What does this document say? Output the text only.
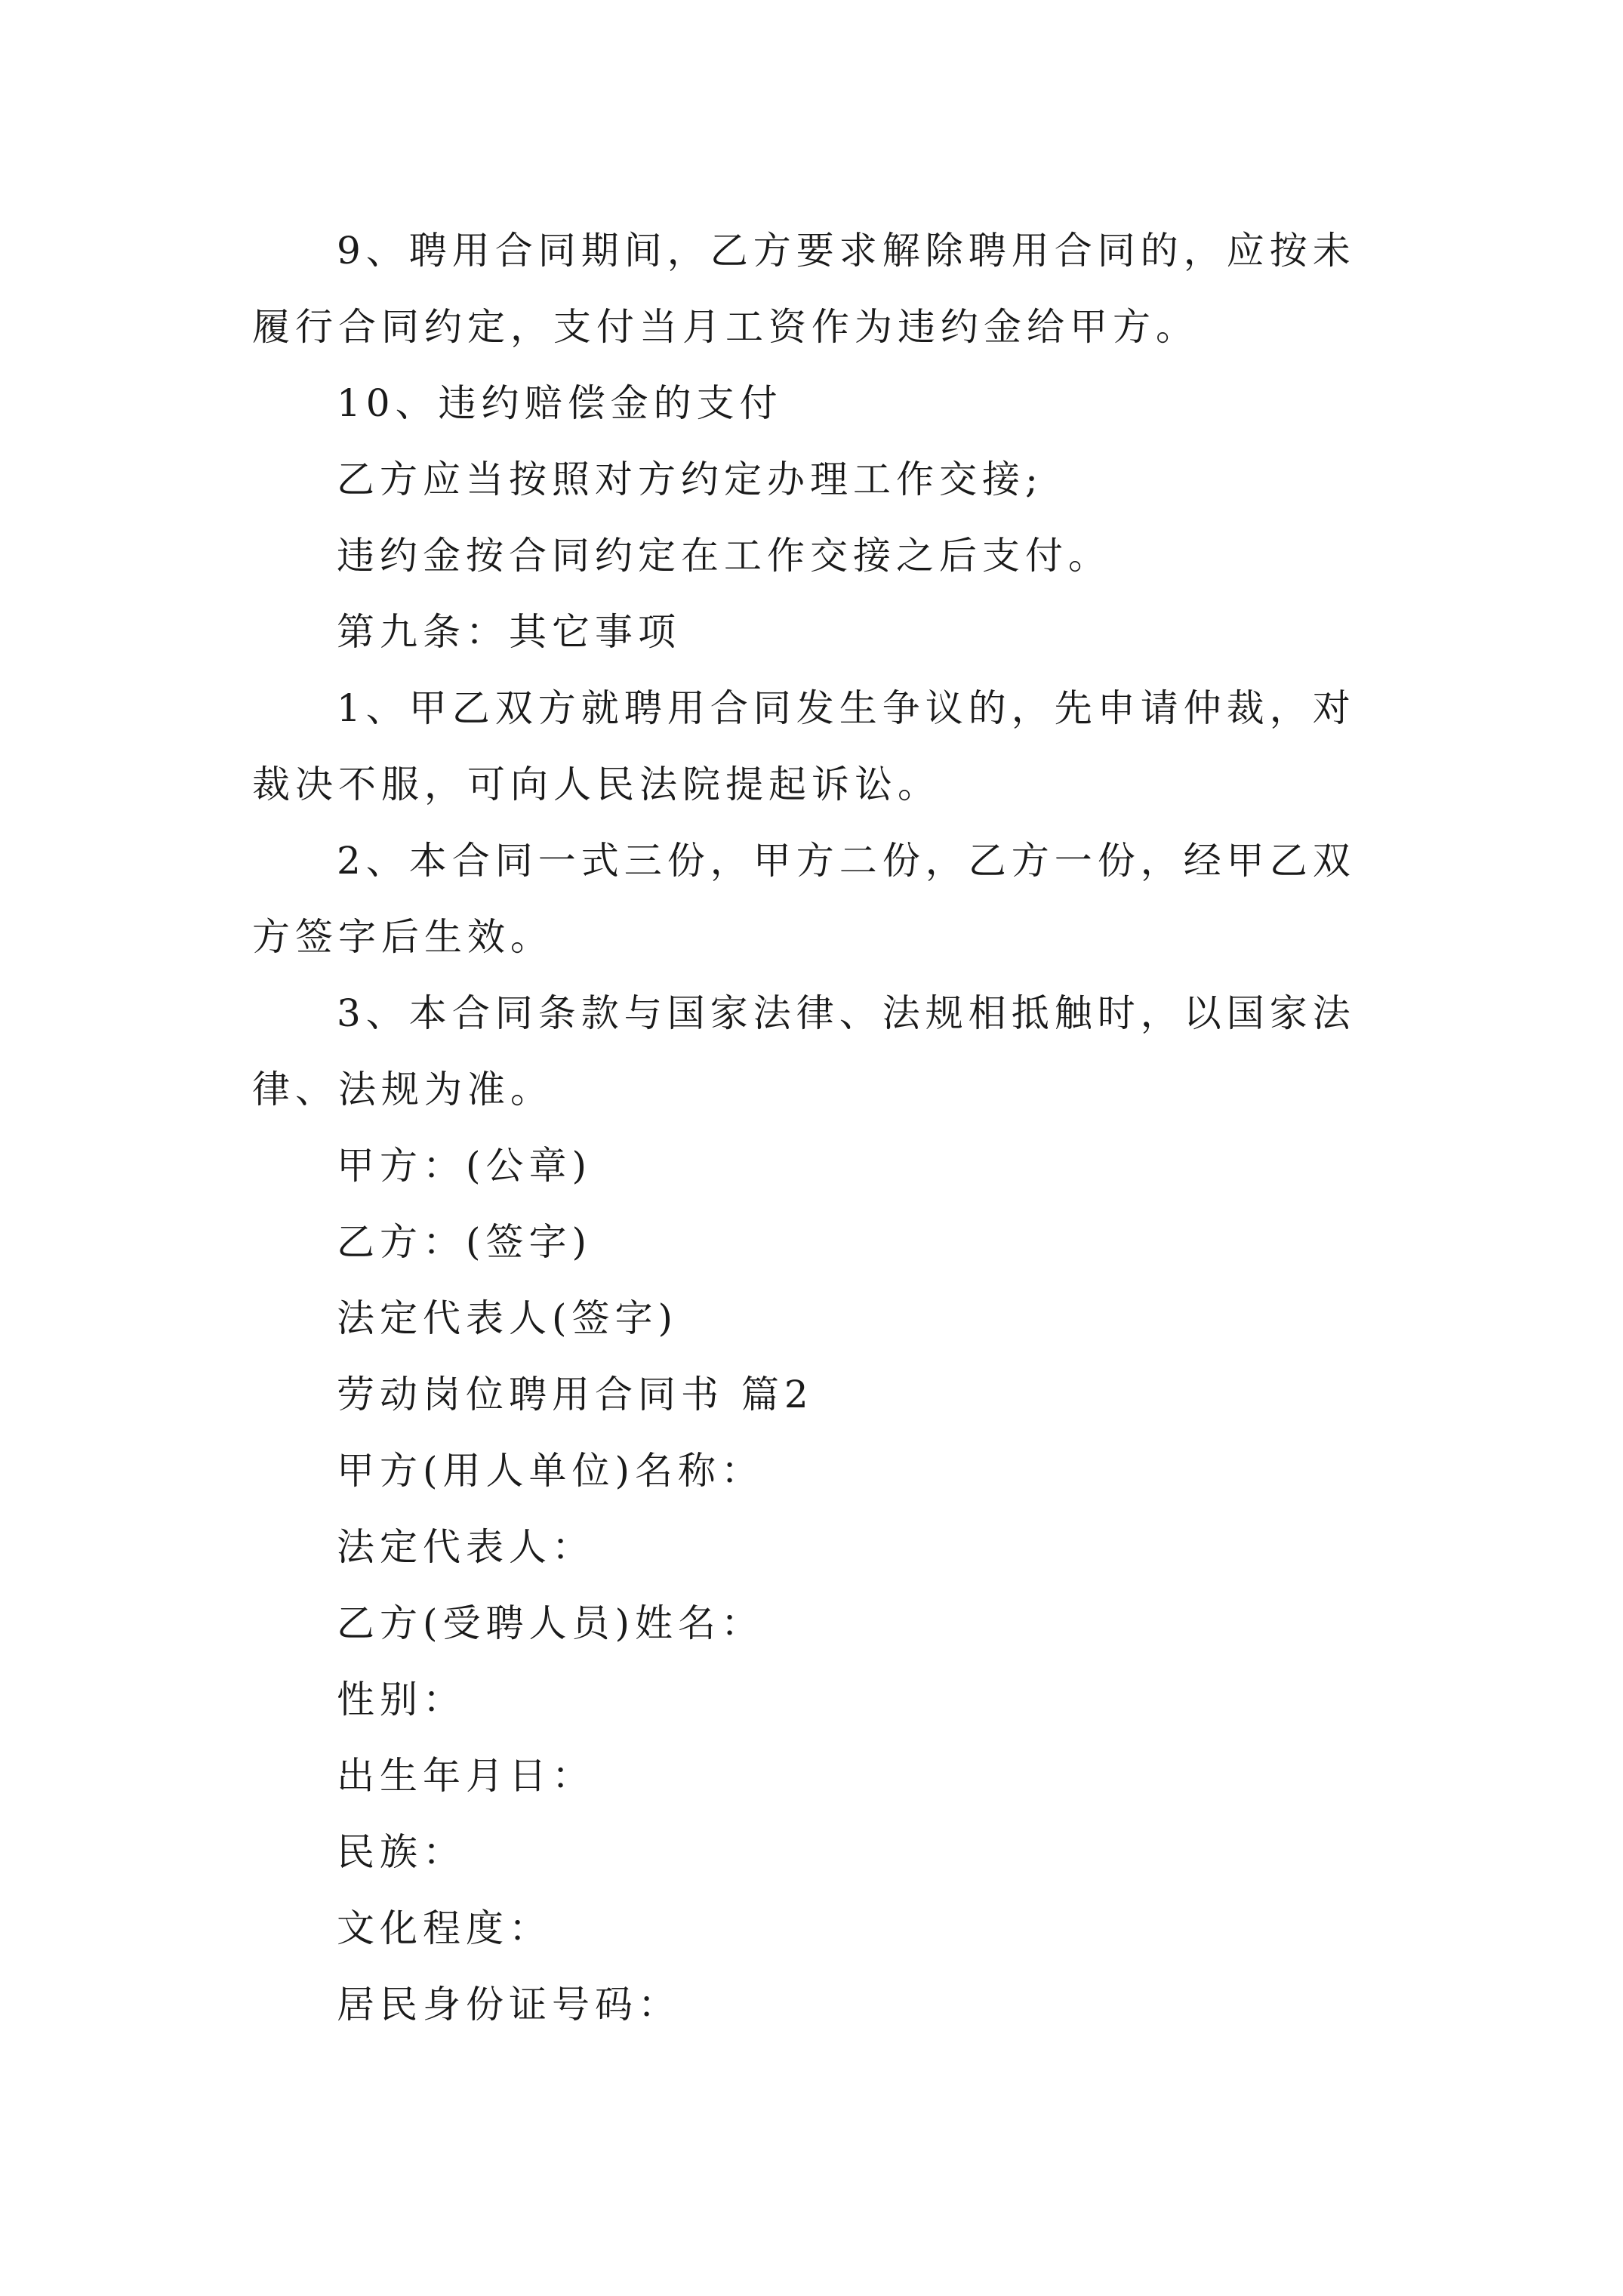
9、聘用合同期间，乙方要求解除聘用合同的，应按未履行合同约定，支付当月工资作为违约金给甲方。

10、违约赔偿金的支付

乙方应当按照对方约定办理工作交接;

违约金按合同约定在工作交接之后支付。

第九条：其它事项

1、甲乙双方就聘用合同发生争议的，先申请仲裁，对裁决不服，可向人民法院提起诉讼。

2、本合同一式三份，甲方二份，乙方一份，经甲乙双方签字后生效。

3、本合同条款与国家法律、法规相抵触时，以国家法律、法规为准。

甲方：(公章)

乙方：(签字)

法定代表人(签字)

劳动岗位聘用合同书 篇2

甲方(用人单位)名称：

法定代表人：

乙方(受聘人员)姓名：

性别：

出生年月日：

民族：

文化程度：

居民身份证号码：
